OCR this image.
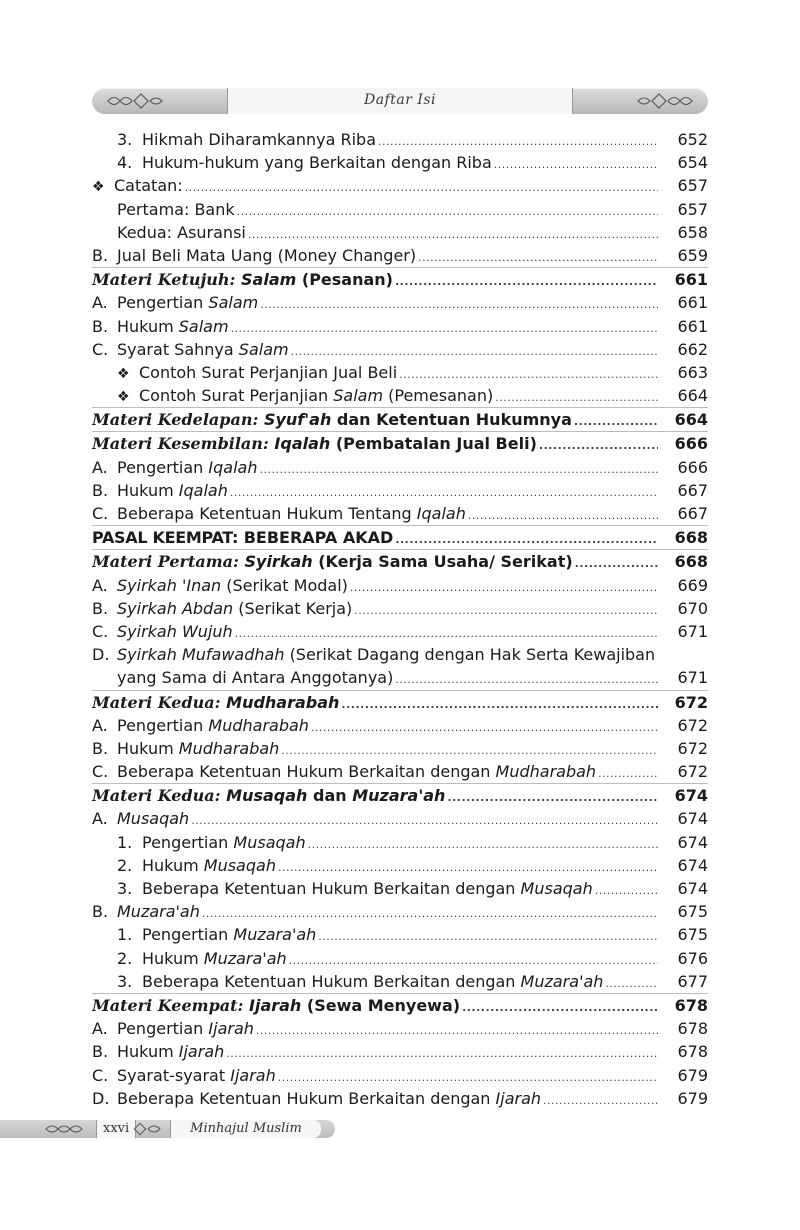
Daftar Isi
3. Hikmah Diharamkannya Riba .....	652
4. Hukum-hukum yang Berkaitan dengan Riba .....	654
❖ Catatan: .....	657
Pertama: Bank .....	657
Kedua: Asuransi .....	658
B. Jual Beli Mata Uang (Money Changer) .....	659
Materi Ketujuh: Salam (Pesanan) .....	661
A. Pengertian Salam .....	661
B. Hukum Salam .....	661
C. Syarat Sahnya Salam .....	662
❖ Contoh Surat Perjanjian Jual Beli .....	663
❖ Contoh Surat Perjanjian Salam (Pemesanan) .....	664
Materi Kedelapan: Syuf'ah dan Ketentuan Hukumnya .....	664
Materi Kesembilan: Iqalah (Pembatalan Jual Beli) .....	666
A. Pengertian Iqalah .....	666
B. Hukum Iqalah .....	667
C. Beberapa Ketentuan Hukum Tentang Iqalah .....	667
PASAL KEEMPAT: BEBERAPA AKAD .....	668
Materi Pertama: Syirkah (Kerja Sama Usaha/ Serikat) .....	668
A. Syirkah 'Inan (Serikat Modal) .....	669
B. Syirkah Abdan (Serikat Kerja) .....	670
C. Syirkah Wujuh .....	671
D. Syirkah Mufawadhah (Serikat Dagang dengan Hak Serta Kewajiban
yang Sama di Antara Anggotanya) .....	671
Materi Kedua: Mudharabah .....	672
A. Pengertian Mudharabah .....	672
B. Hukum Mudharabah .....	672
C. Beberapa Ketentuan Hukum Berkaitan dengan Mudharabah .....	672
Materi Kedua: Musaqah dan Muzara'ah .....	674
A. Musaqah .....	674
1. Pengertian Musaqah .....	674
2. Hukum Musaqah .....	674
3. Beberapa Ketentuan Hukum Berkaitan dengan Musaqah .....	674
B. Muzara'ah .....	675
1. Pengertian Muzara'ah .....	675
2. Hukum Muzara'ah .....	676
3. Beberapa Ketentuan Hukum Berkaitan dengan Muzara'ah .....	677
Materi Keempat: Ijarah (Sewa Menyewa) .....	678
A. Pengertian Ijarah .....	678
B. Hukum Ijarah .....	678
C. Syarat-syarat Ijarah .....	679
D. Beberapa Ketentuan Hukum Berkaitan dengan Ijarah .....	679
xxvi	Minhajul Muslim
